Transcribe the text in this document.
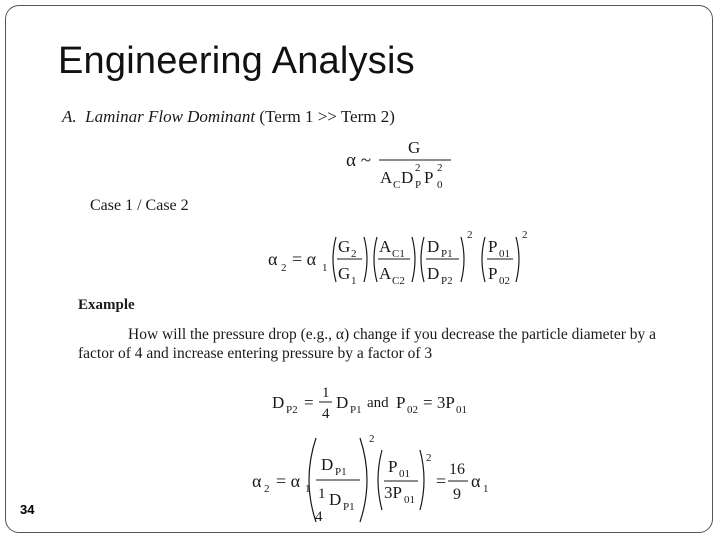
Engineering Analysis
A. Laminar Flow Dominant (Term 1 >> Term 2)
α ~
G
A C D 2
P P 2
0
Case 1 / Case 2
α 2 = α 1
G 2
G 1
A C1
A C2
D P1
D P2
2
P 01
P 02
2
Example
How will the pressure drop (e.g., α) change if you decrease the particle diameter by a factor of 4 and increase entering pressure by a factor of 3
D P2 = 1
4
D P1 and P 02 = 3P 01
α 2 = α 1
D P1
1 D P1
4
2
P 01
3P 01
2
=
16
9
α 1
34
